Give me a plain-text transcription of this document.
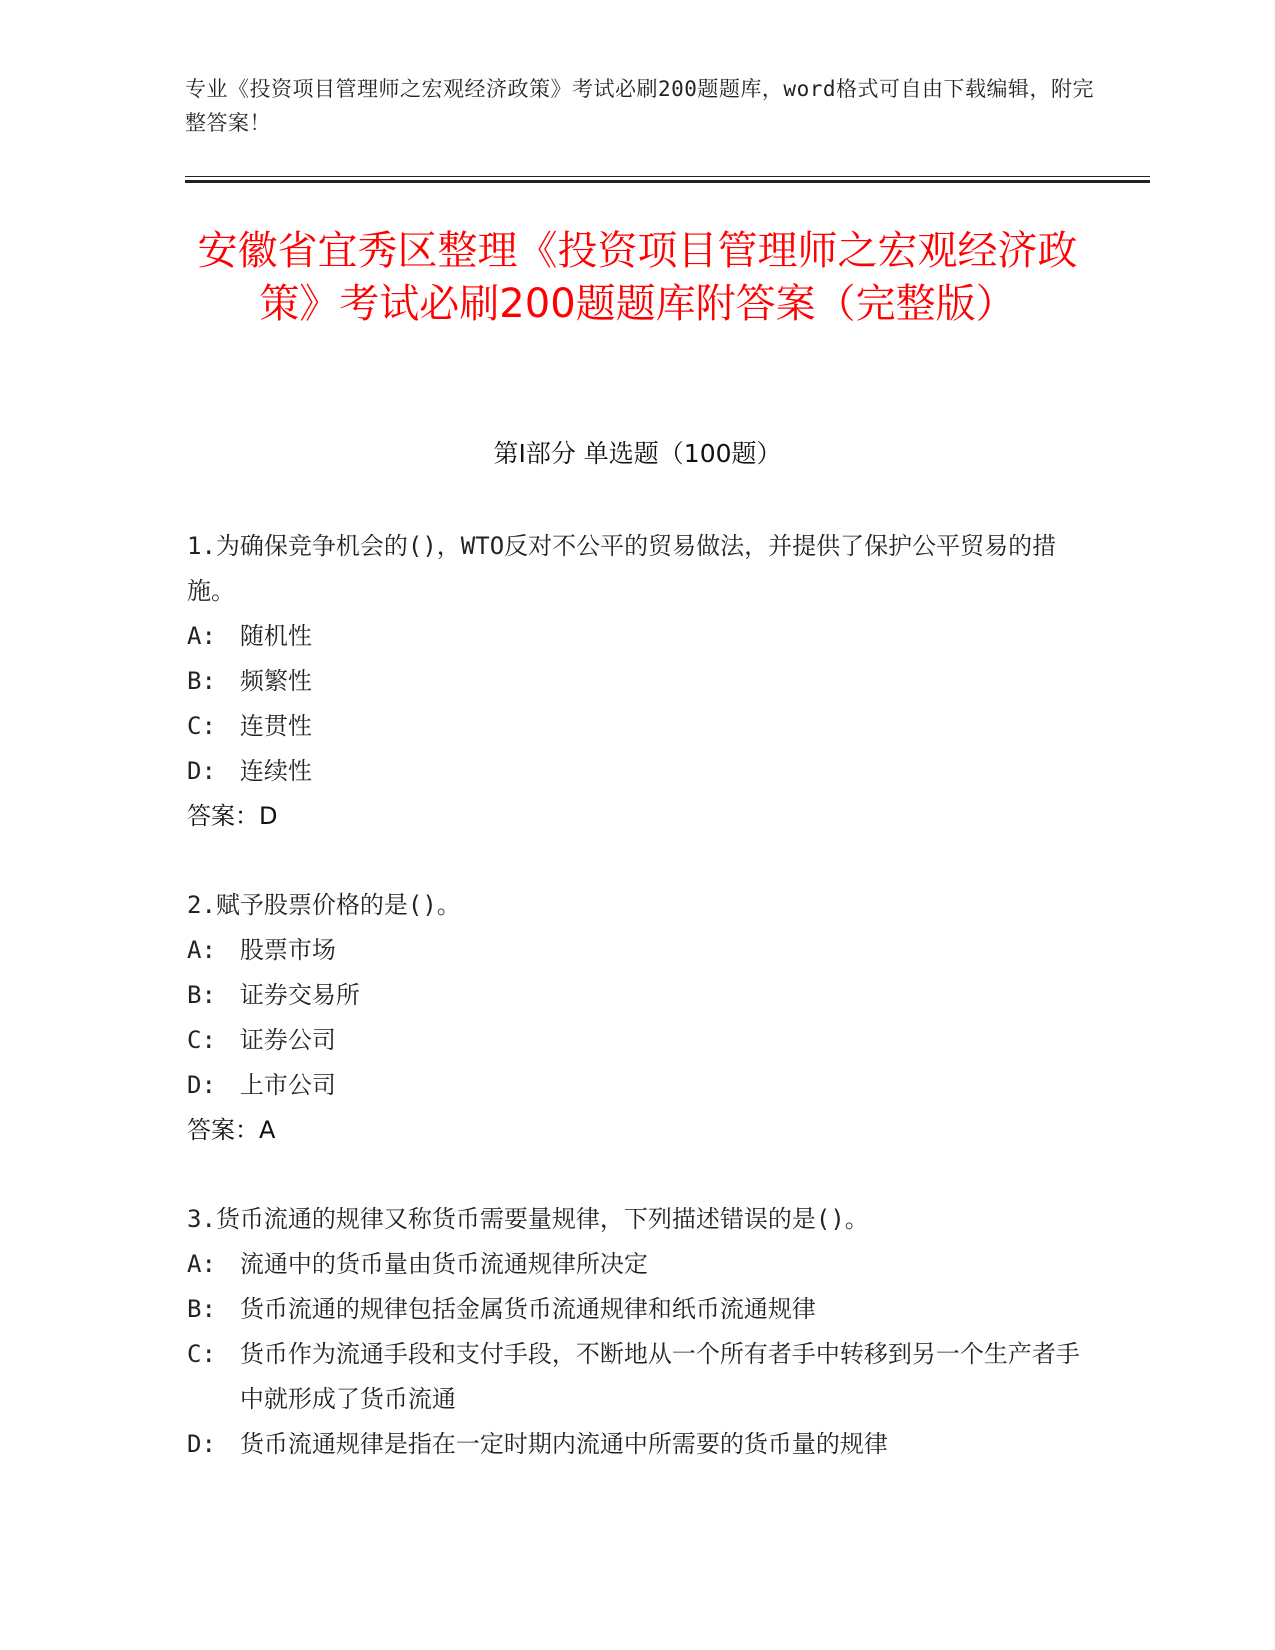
专业《投资项目管理师之宏观经济政策》考试必刷200题题库，word格式可自由下载编辑，附完整答案！
安徽省宜秀区整理《投资项目管理师之宏观经济政策》考试必刷200题题库附答案（完整版）
第I部分 单选题（100题）
1.为确保竞争机会的()，WTO反对不公平的贸易做法，并提供了保护公平贸易的措施。
A: 随机性
B: 频繁性
C: 连贯性
D: 连续性
答案：D
2.赋予股票价格的是()。
A: 股票市场
B: 证券交易所
C: 证券公司
D: 上市公司
答案：A
3.货币流通的规律又称货币需要量规律，下列描述错误的是()。
A: 流通中的货币量由货币流通规律所决定
B: 货币流通的规律包括金属货币流通规律和纸币流通规律
C: 货币作为流通手段和支付手段，不断地从一个所有者手中转移到另一个生产者手中就形成了货币流通
D: 货币流通规律是指在一定时期内流通中所需要的货币量的规律
